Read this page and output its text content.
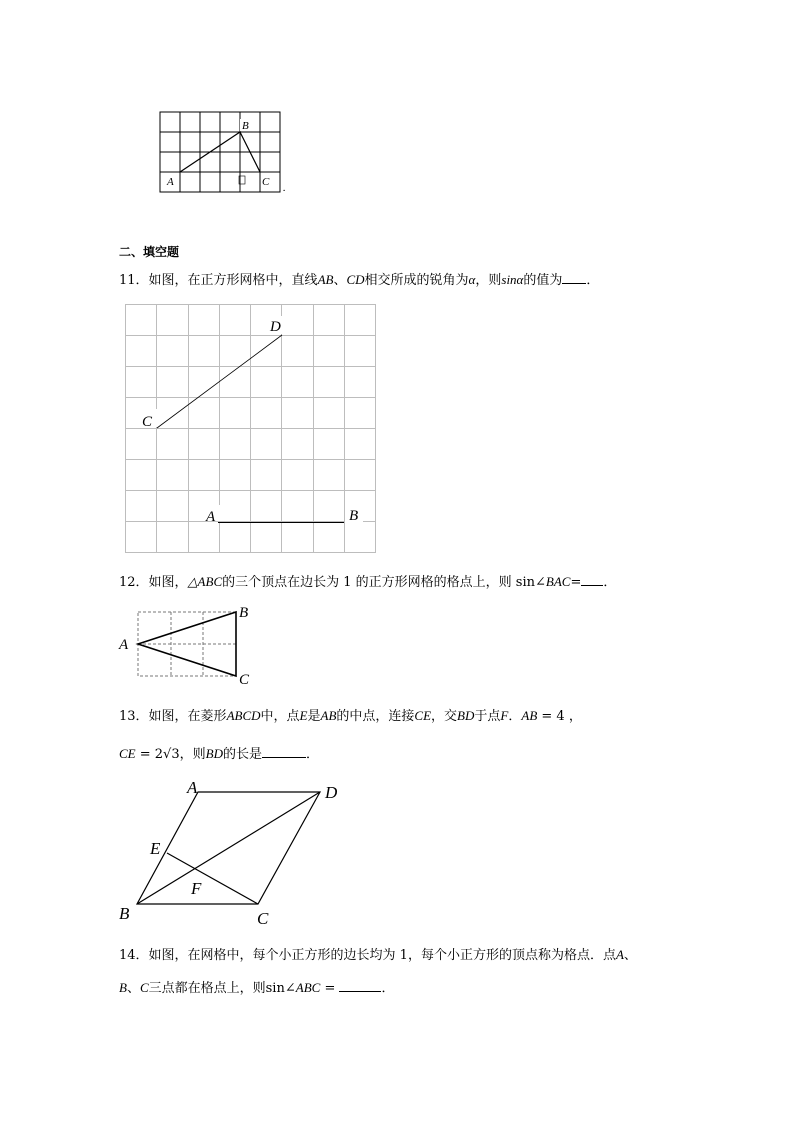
A
B
C .
二、填空题
11．如图，在正方形网格中，直线AB、CD相交所成的锐角为α，则sinα的值为 ．
D
C
A	B
12．如图，△ABC的三个顶点在边长为 1 的正方形网格的格点上，则 sin∠BAC= ．
A
B
C
13．如图，在菱形ABCD中，点E是AB的中点，连接CE，交BD于点F．AB = 4 ，
CE = 2√3，则BD的长是	．
A	D
E
F
B	C
14．如图，在网格中，每个小正方形的边长均为 1，每个小正方形的顶点称为格点．点A、
B、C三点都在格点上，则sin∠ABC =	．
